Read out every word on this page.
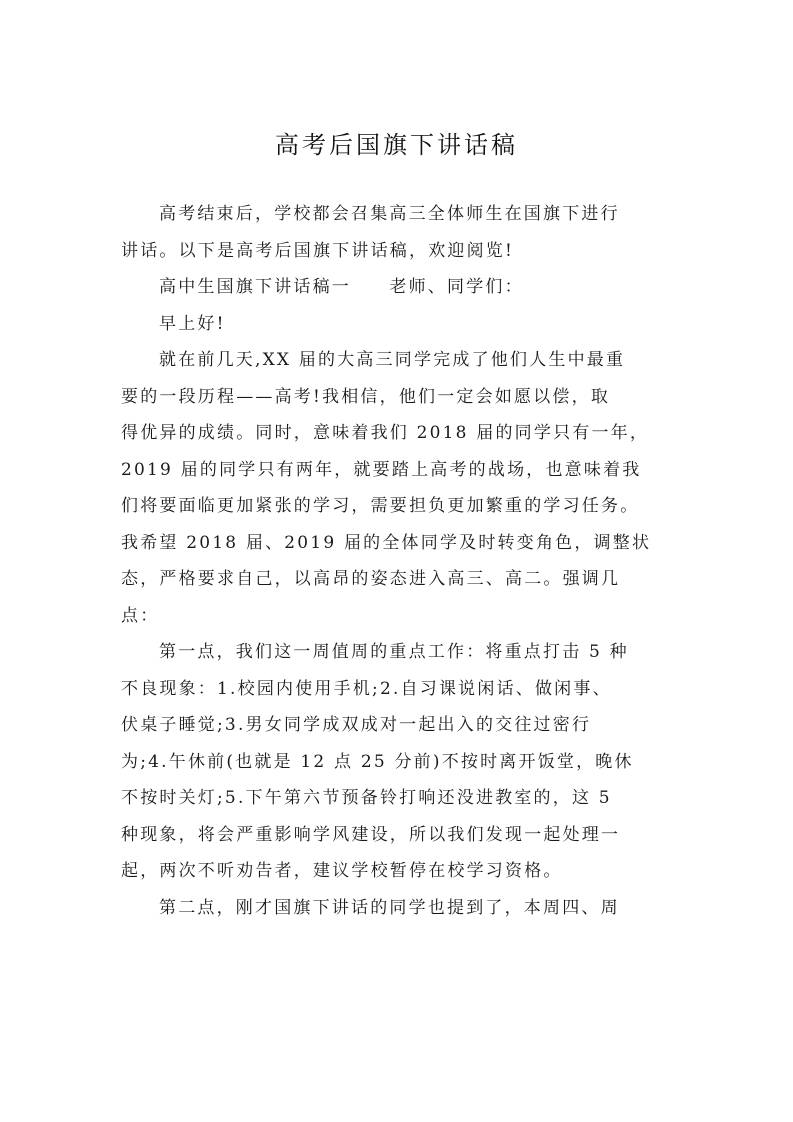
高考后国旗下讲话稿
高考结束后，学校都会召集高三全体师生在国旗下进行
讲话。以下是高考后国旗下讲话稿，欢迎阅览!
高中生国旗下讲话稿一　　老师、同学们：
早上好!
就在前几天,XX 届的大高三同学完成了他们人生中最重
要的一段历程——高考!我相信，他们一定会如愿以偿，取
得优异的成绩。同时，意味着我们 2018 届的同学只有一年，
2019 届的同学只有两年，就要踏上高考的战场，也意味着我
们将要面临更加紧张的学习，需要担负更加繁重的学习任务。
我希望 2018 届、2019 届的全体同学及时转变角色，调整状
态，严格要求自己，以高昂的姿态进入高三、高二。强调几
点：
第一点，我们这一周值周的重点工作：将重点打击 5 种
不良现象：1.校园内使用手机;2.自习课说闲话、做闲事、
伏桌子睡觉;3.男女同学成双成对一起出入的交往过密行
为;4.午休前(也就是 12 点 25 分前)不按时离开饭堂，晚休
不按时关灯;5.下午第六节预备铃打响还没进教室的，这 5
种现象，将会严重影响学风建设，所以我们发现一起处理一
起，两次不听劝告者，建议学校暂停在校学习资格。
第二点，刚才国旗下讲话的同学也提到了，本周四、周
